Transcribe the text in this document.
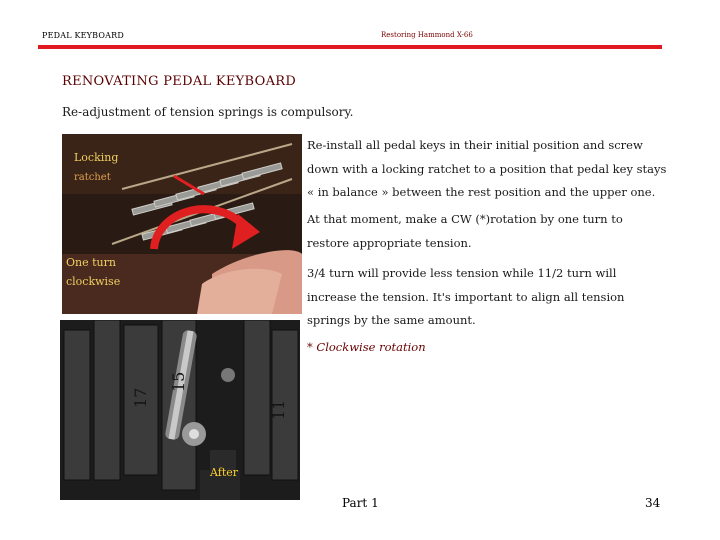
PEDAL KEYBOARD	Restoring Hammond X-66
RENOVATING PEDAL KEYBOARD
Re-adjustment of tension springs is compulsory.
Locking
ratchet
One turn
clockwise
17
15
11
After
Re-install all pedal keys in their initial position and screw down with a locking ratchet to a position that pedal key stays « in balance » between the rest position and the upper one.
At that moment, make a CW (*)rotation by one turn to restore appropriate tension.
3/4 turn will provide less tension while 11/2 turn will increase the tension. It's important to align all tension springs by the same amount.
* Clockwise rotation
Part 1	34
